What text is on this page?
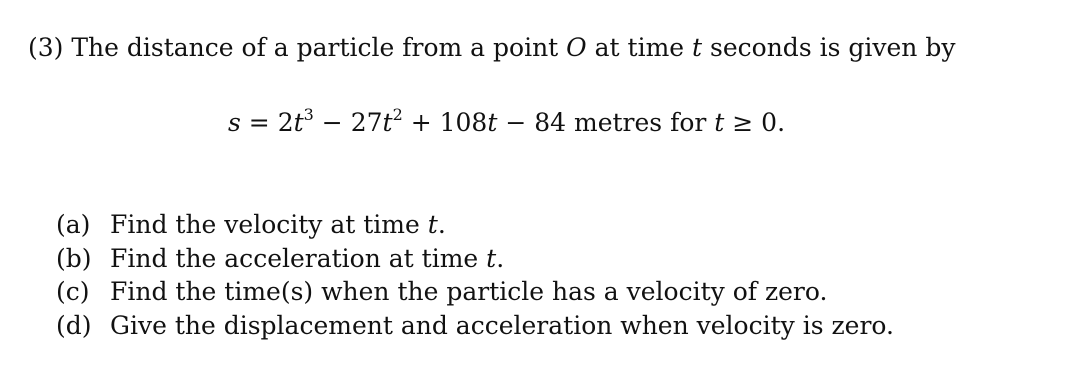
(3) The distance of a particle from a point O at time t seconds is given by

$s = 2t^3 - 27t^2 + 108t - 84$ metres for t ≥ 0.
(a) Find the velocity at time t.
(b) Find the acceleration at time t.
(c) Find the time(s) when the particle has a velocity of zero.
(d) Give the displacement and acceleration when velocity is zero.
